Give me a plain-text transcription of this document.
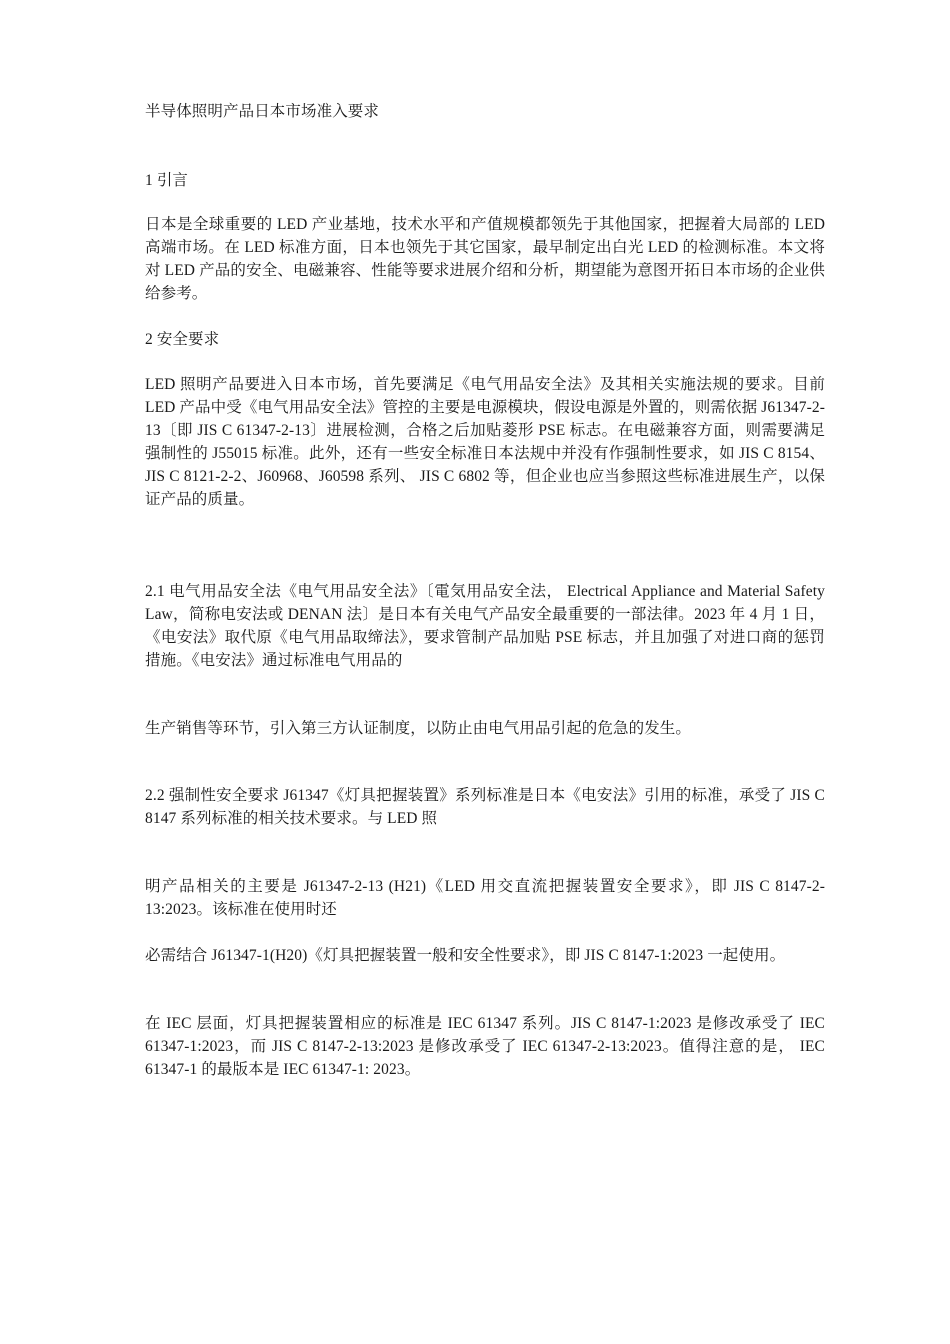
半导体照明产品日本市场准入要求

1 引言

日本是全球重要的 LED 产业基地，技术水平和产值规模都领先于其他国家，把握着大局部的 LED 高端市场。在 LED 标准方面，日本也领先于其它国家，最早制定出白光 LED 的检测标准。本文将对 LED 产品的安全、电磁兼容、性能等要求进展介绍和分析，期望能为意图开拓日本市场的企业供给参考。

2 安全要求

LED 照明产品要进入日本市场，首先要满足《电气用品安全法》及其相关实施法规的要求。目前 LED 产品中受《电气用品安全法》管控的主要是电源模块，假设电源是外置的，则需依据 J61347-2-13〔即 JIS C 61347-2-13〕进展检测，合格之后加贴菱形 PSE 标志。在电磁兼容方面，则需要满足强制性的 J55015 标准。此外，还有一些安全标准日本法规中并没有作强制性要求，如 JIS C 8154、JIS C 8121-2-2、J60968、J60598 系列、 JIS C 6802 等，但企业也应当参照这些标准进展生产，以保证产品的质量。

2.1 电气用品安全法《电气用品安全法》〔電気用品安全法， Electrical Appliance and Material Safety Law，简称电安法或 DENAN 法〕是日本有关电气产品安全最重要的一部法律。2023 年 4 月 1 日，《电安法》取代原《电气用品取缔法》，要求管制产品加贴 PSE 标志，并且加强了对进口商的惩罚措施。《电安法》通过标准电气用品的

生产销售等环节，引入第三方认证制度，以防止由电气用品引起的危急的发生。

2.2 强制性安全要求 J61347《灯具把握装置》系列标准是日本《电安法》引用的标准，承受了 JIS C 8147 系列标准的相关技术要求。与 LED 照

明产品相关的主要是 J61347-2-13 (H21)《LED 用交直流把握装置安全要求》，即 JIS C 8147-2-13:2023。该标准在使用时还

必需结合 J61347-1(H20)《灯具把握装置一般和安全性要求》，即 JIS C 8147-1:2023 一起使用。

在 IEC 层面，灯具把握装置相应的标准是 IEC 61347 系列。JIS C 8147-1:2023 是修改承受了 IEC 61347-1:2023，而 JIS C 8147-2-13:2023 是修改承受了 IEC 61347-2-13:2023。值得注意的是， IEC 61347-1 的最版本是 IEC 61347-1: 2023。
